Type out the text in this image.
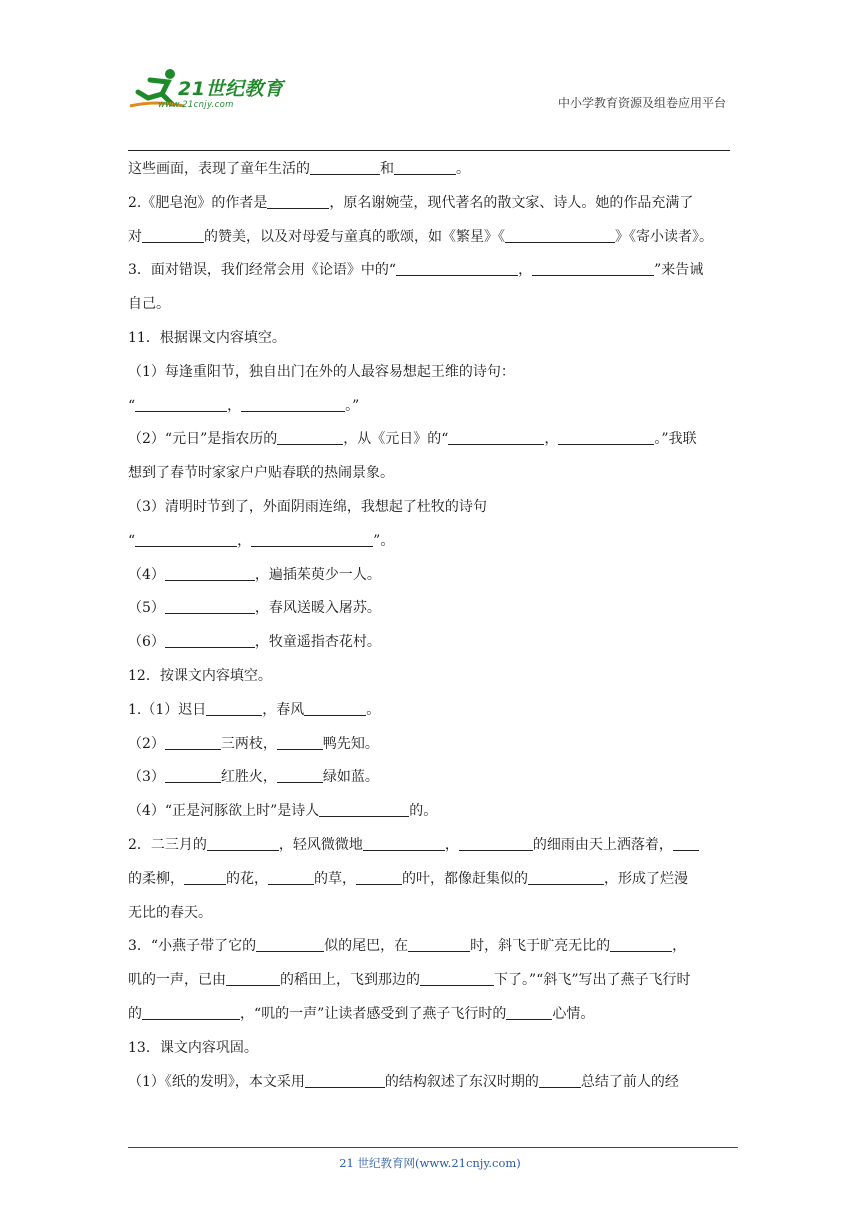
21世纪教育
www.21cnjy.com	中小学教育资源及组卷应用平台
这些画面，表现了童年生活的	和	。
2.《肥皂泡》的作者是	，原名谢婉莹，现代著名的散文家、诗人。她的作品充满了
对	的赞美，以及对母爱与童真的歌颂，如《繁星》《	》《寄小读者》。
3．面对错误，我们经常会用《论语》中的“	，	”来告诫
自己。
11．根据课文内容填空。
（1）每逢重阳节，独自出门在外的人最容易想起王维的诗句：
“	，	。”
（2）“元日”是指农历的	，从《元日》的“	，	。”我联
想到了春节时家家户户贴春联的热闹景象。
（3）清明时节到了，外面阴雨连绵，我想起了杜牧的诗句
“	，	”。
（4）	，遍插茱萸少一人。
（5）	，春风送暖入屠苏。
（6）	，牧童遥指杏花村。
12．按课文内容填空。
1.（1）迟日	，春风	。
（2）	三两枝，	鸭先知。
（3）	红胜火，	绿如蓝。
（4）“正是河豚欲上时”是诗人	的。
2．二三月的	，轻风微微地	，	的细雨由天上洒落着，
的柔柳，	的花，	的草，	的叶，都像赶集似的	，形成了烂漫
无比的春天。
3．“小燕子带了它的	似的尾巴，在	时，斜飞于旷亮无比的	，
叽的一声，已由	的稻田上，飞到那边的	下了。”“斜飞”写出了燕子飞行时
的	，“叽的一声”让读者感受到了燕子飞行时的	心情。
13．课文内容巩固。
（1）《纸的发明》，本文采用	的结构叙述了东汉时期的	总结了前人的经
21 世纪教育网(www.21cnjy.com)
